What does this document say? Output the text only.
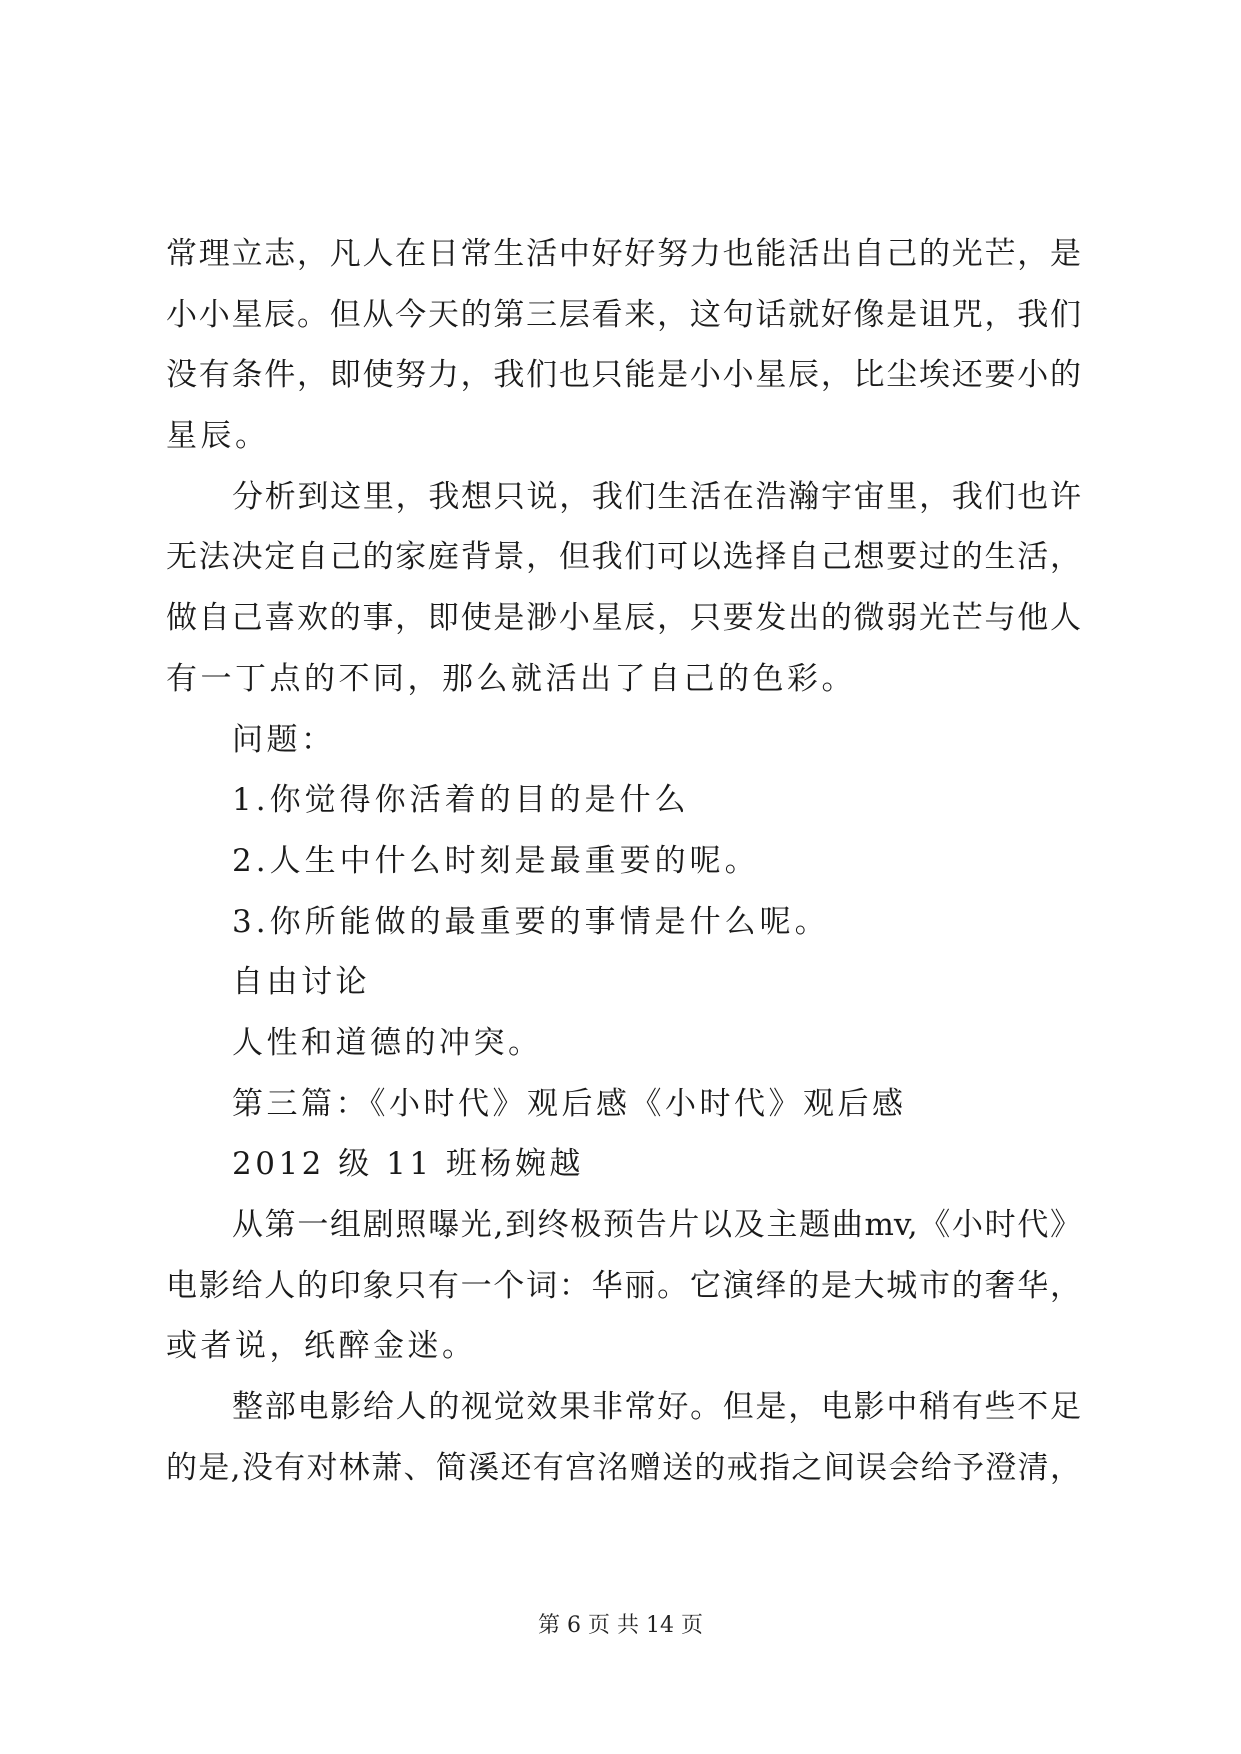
常理立志，凡人在日常生活中好好努力也能活出自己的光芒，是
小小星辰。但从今天的第三层看来，这句话就好像是诅咒，我们
没有条件，即使努力，我们也只能是小小星辰，比尘埃还要小的
星辰。
分析到这里，我想只说，我们生活在浩瀚宇宙里，我们也许
无法决定自己的家庭背景，但我们可以选择自己想要过的生活，
做自己喜欢的事，即使是渺小星辰，只要发出的微弱光芒与他人
有一丁点的不同，那么就活出了自己的色彩。
问题：
1.你觉得你活着的目的是什么
2.人生中什么时刻是最重要的呢。
3.你所能做的最重要的事情是什么呢。
自由讨论
人性和道德的冲突。
第三篇：《小时代》观后感《小时代》观后感
2012 级 11 班杨婉越
从第一组剧照曝光,到终极预告片以及主题曲mv,《小时代》
电影给人的印象只有一个词：华丽。它演绎的是大城市的奢华，
或者说，纸醉金迷。
整部电影给人的视觉效果非常好。但是，电影中稍有些不足
的是,没有对林萧、简溪还有宫洺赠送的戒指之间误会给予澄清，
第 6 页 共 14 页
